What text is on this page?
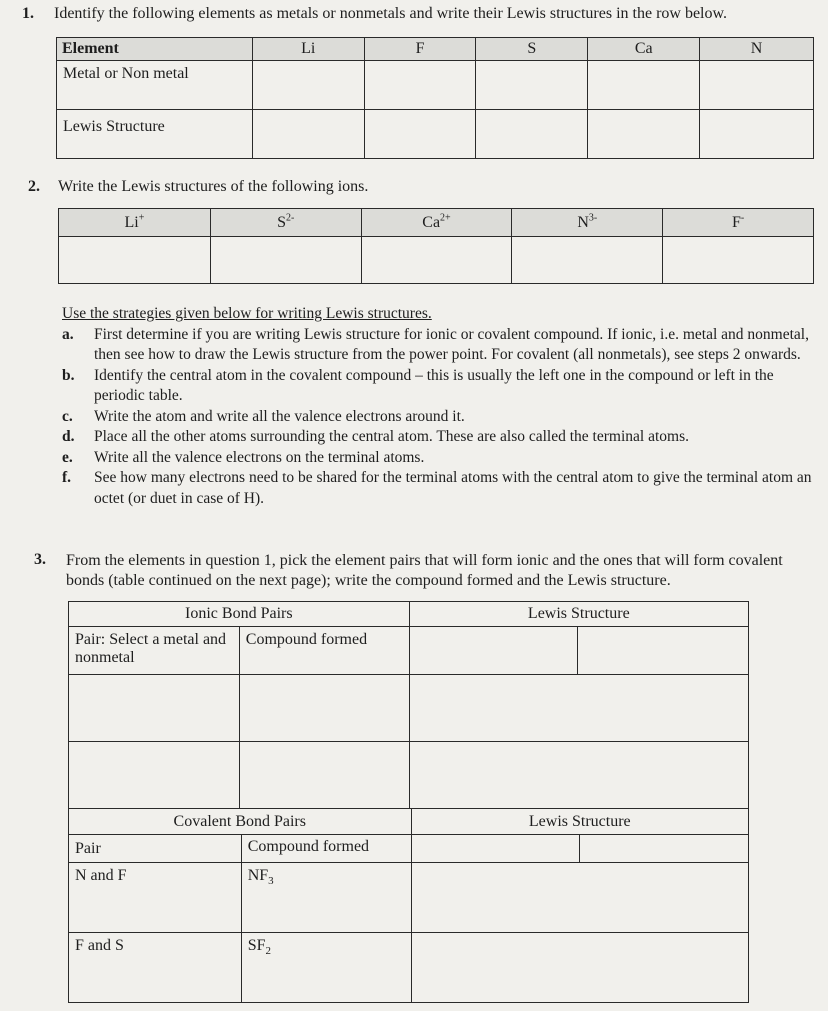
1. Identify the following elements as metals or nonmetals and write their Lewis structures in the row below.
Element	Li	F	S	Ca	N
Metal or Non metal					
Lewis Structure					
2. Write the Lewis structures of the following ions.
Li+	$S^{2-}$	$Ca^{2+}$	$N^{3-}$	F-

Use the strategies given below for writing Lewis structures.
a. First determine if you are writing Lewis structure for ionic or covalent compound. If ionic, i.e. metal and nonmetal, then see how to draw the Lewis structure from the power point. For covalent (all nonmetals), see steps 2 onwards.
b. Identify the central atom in the covalent compound – this is usually the left one in the compound or left in the periodic table.
c. Write the atom and write all the valence electrons around it.
d. Place all the other atoms surrounding the central atom. These are also called the terminal atoms.
e. Write all the valence electrons on the terminal atoms.
f. See how many electrons need to be shared for the terminal atoms with the central atom to give the terminal atom an octet (or duet in case of H).
3. From the elements in question 1, pick the element pairs that will form ionic and the ones that will form covalent bonds (table continued on the next page); write the compound formed and the Lewis structure.
Ionic Bond Pairs		Lewis Structure	
Pair: Select a metal and nonmetal	Compound formed		

Covalent Bond Pairs		Lewis Structure	
Pair	Compound formed		
N and F	$NF_3$	
F and S	$SF_2$	
